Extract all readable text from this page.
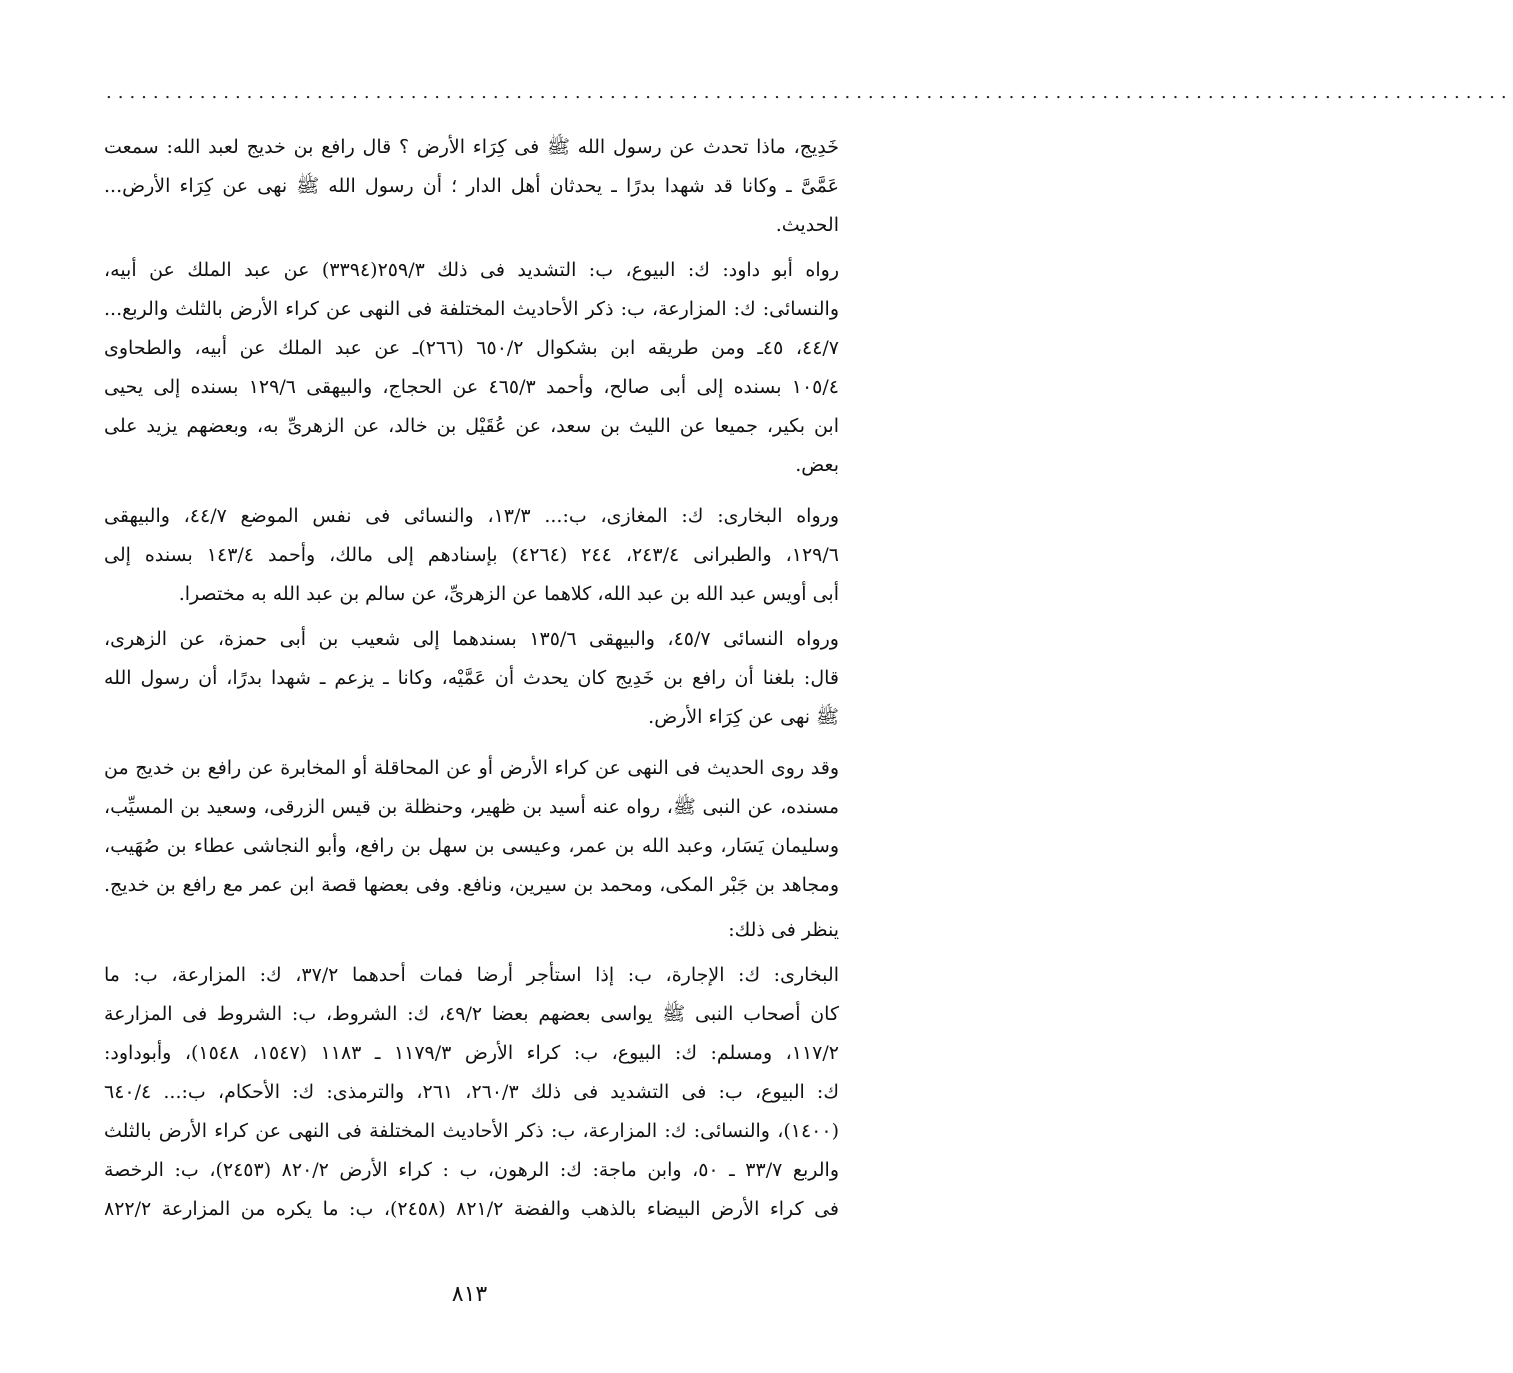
........................................................................................................................
خَدِيج، ماذا تحدث عن رسول الله ﷺ فى كِرَاء الأرض ؟ قال رافع بن خديج لعبد الله: سمعت
عَمَّىَّ ـ وكانا قد شهدا بدرًا ـ يحدثان أهل الدار ؛ أن رسول الله ﷺ نهى عن كِرَاء الأرض...
الحديث.
رواه أبو داود: ك: البيوع، ب: التشديد فى ذلك ٢٥٩/٣(٣٣٩٤) عن عبد الملك عن أبيه،
والنسائى: ك: المزارعة، ب: ذكر الأحاديث المختلفة فى النهى عن كراء الأرض بالثلث والربع...
٤٤/٧، ٤٥ـ ومن طريقه ابن بشكوال ٦٥٠/٢ (٢٦٦)ـ عن عبد الملك عن أبيه، والطحاوى
١٠٥/٤ بسنده إلى أبى صالح، وأحمد ٤٦٥/٣ عن الحجاج، والبيهقى ١٢٩/٦ بسنده إلى يحيى
ابن بكير، جميعا عن الليث بن سعد، عن عُقَيْل بن خالد، عن الزهرىِّ به، وبعضهم يزيد على
بعض.
ورواه البخارى: ك: المغازى، ب:... ١٣/٣، والنسائى فى نفس الموضع ٤٤/٧، والبيهقى
١٢٩/٦، والطبرانى ٢٤٣/٤، ٢٤٤ (٤٢٦٤) بإسنادهم إلى مالك، وأحمد ١٤٣/٤ بسنده إلى
أبى أويس عبد الله بن عبد الله، كلاهما عن الزهرىِّ، عن سالم بن عبد الله به مختصرا.
ورواه النسائى ٤٥/٧، والبيهقى ١٣٥/٦ بسندهما إلى شعيب بن أبى حمزة، عن الزهرى،
قال: بلغنا أن رافع بن خَدِيج كان يحدث أن عَمَّيْه، وكانا ـ يزعم ـ شهدا بدرًا، أن رسول الله
ﷺ نهى عن كِرَاء الأرض.
وقد روى الحديث فى النهى عن كراء الأرض أو عن المحاقلة أو المخابرة عن رافع بن خديج من
مسنده، عن النبى ﷺ، رواه عنه أسيد بن ظهير، وحنظلة بن قيس الزرقى، وسعيد بن المسيِّب،
وسليمان يَسَار، وعبد الله بن عمر، وعيسى بن سهل بن رافع، وأبو النجاشى عطاء بن صُهَيب،
ومجاهد بن جَبْر المكى، ومحمد بن سيرين، ونافع. وفى بعضها قصة ابن عمر مع رافع بن خديج.
ينظر فى ذلك:
البخارى: ك: الإجارة، ب: إذا استأجر أرضا فمات أحدهما ٣٧/٢، ك: المزارعة، ب: ما
كان أصحاب النبى ﷺ يواسى بعضهم بعضا ٤٩/٢، ك: الشروط، ب: الشروط فى المزارعة
١١٧/٢، ومسلم: ك: البيوع، ب: كراء الأرض ١١٧٩/٣ ـ ١١٨٣ (١٥٤٧، ١٥٤٨)، وأبوداود:
ك: البيوع، ب: فى التشديد فى ذلك ٢٦٠/٣، ٢٦١، والترمذى: ك: الأحكام، ب:... ٦٤٠/٤
(١٤٠٠)، والنسائى: ك: المزارعة، ب: ذكر الأحاديث المختلفة فى النهى عن كراء الأرض بالثلث
والربع ٣٣/٧ ـ ٥٠، وابن ماجة: ك: الرهون، ب : كراء الأرض ٨٢٠/٢ (٢٤٥٣)، ب: الرخصة
فى كراء الأرض البيضاء بالذهب والفضة ٨٢١/٢ (٢٤٥٨)، ب: ما يكره من المزارعة ٨٢٢/٢
٨١٣
